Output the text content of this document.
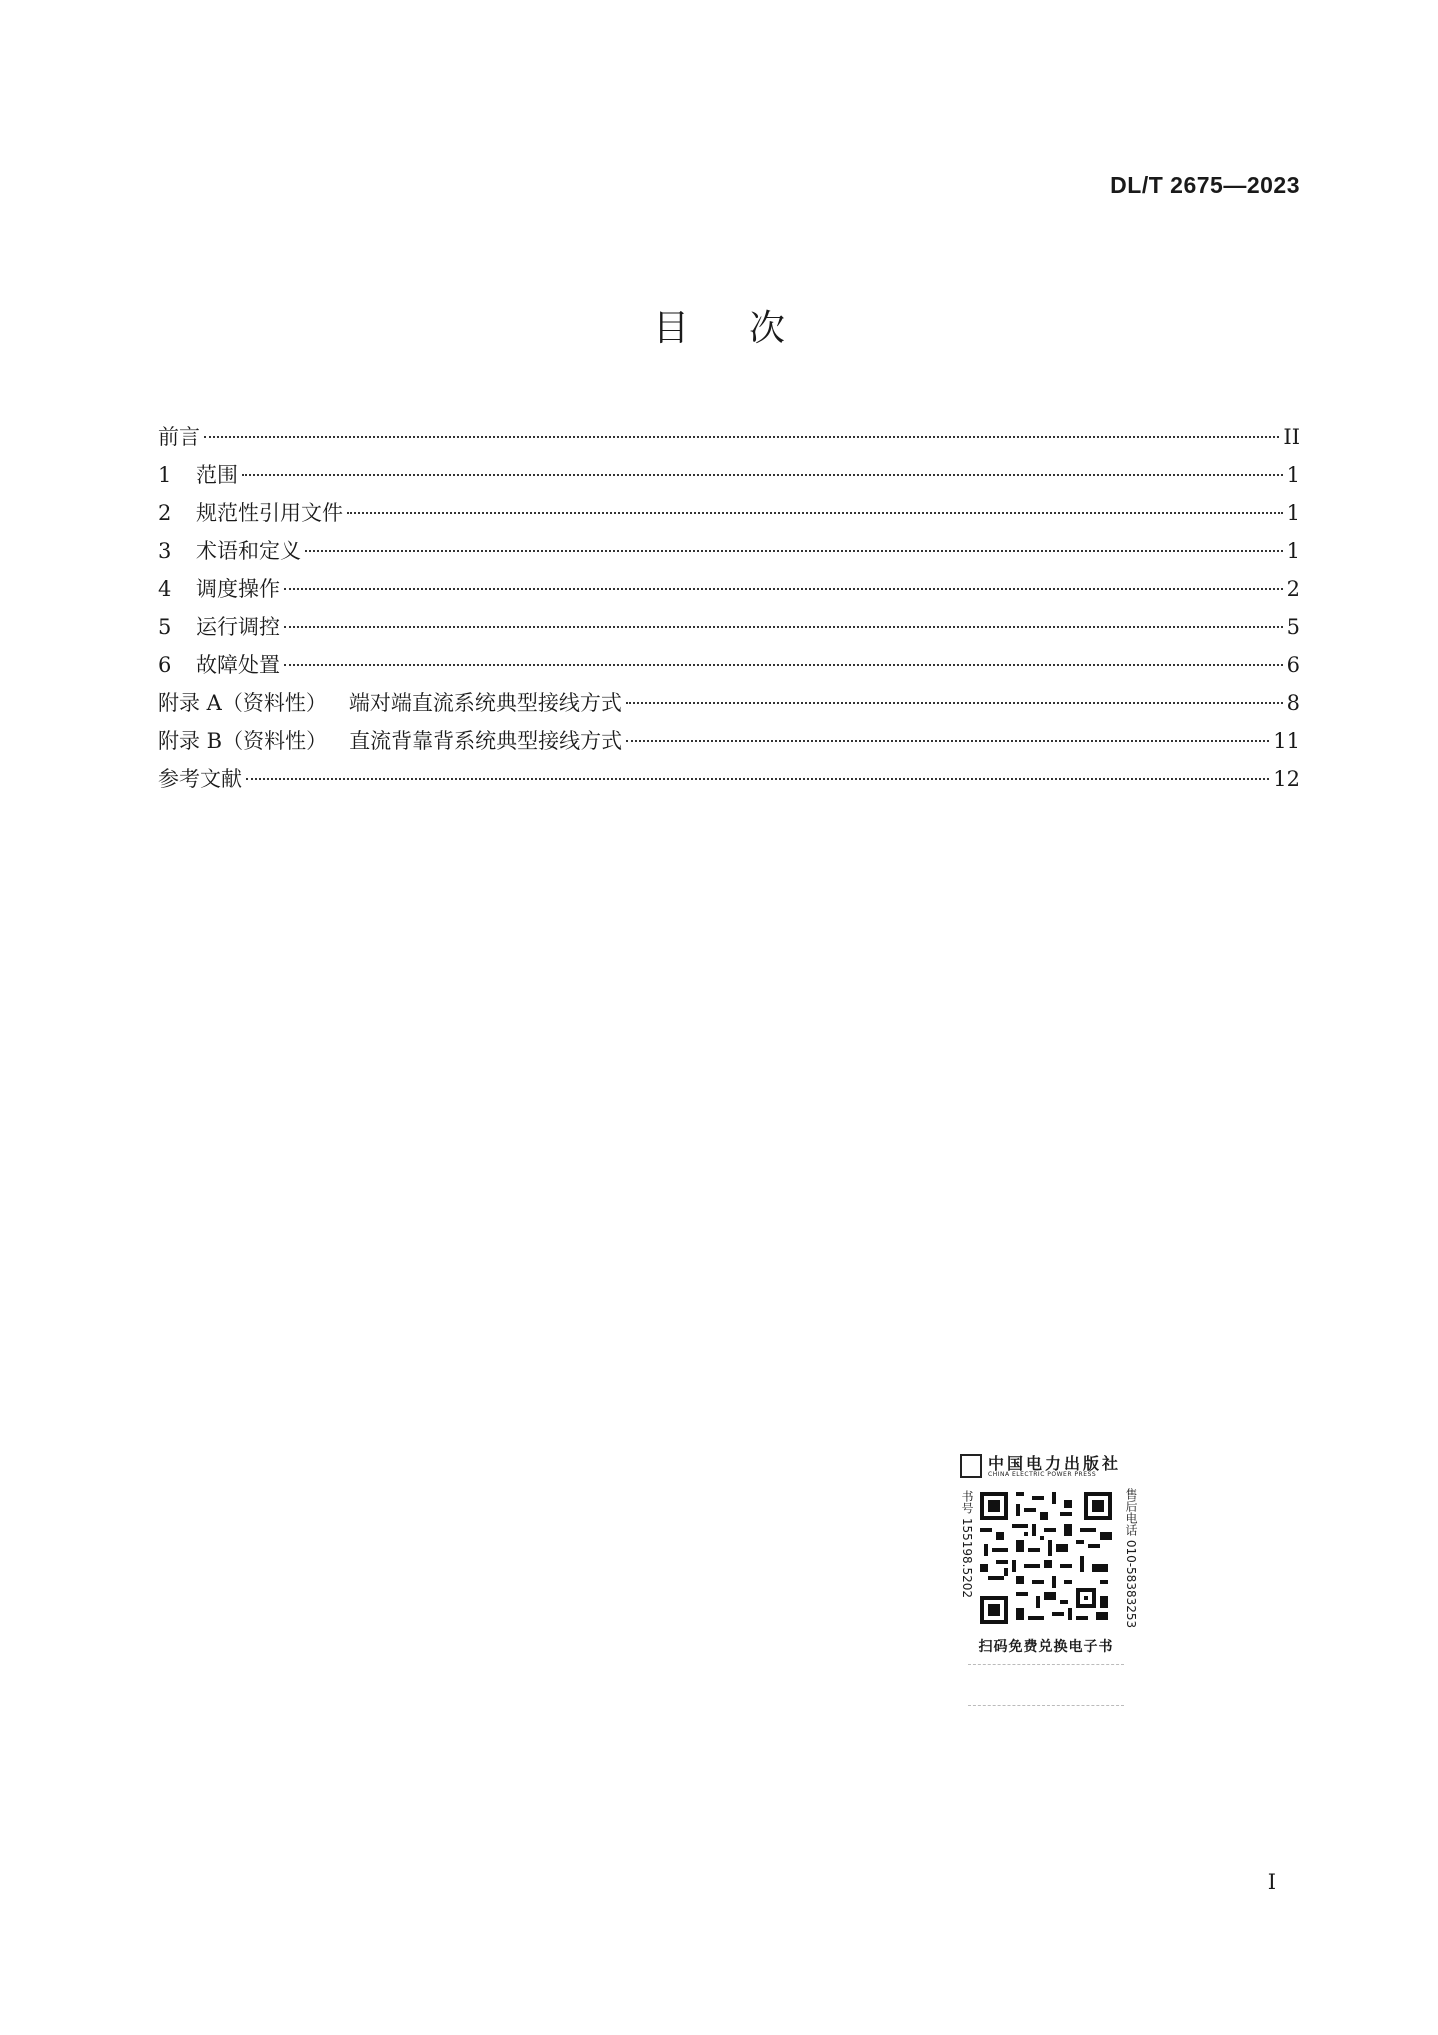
DL/T 2675—2023
目次
前言	II
1	范围	1
2	规范性引用文件	1
3	术语和定义	1
4	调度操作	2
5	运行调控	5
6	故障处置	6
附录 A（资料性） 端对端直流系统典型接线方式	8
附录 B（资料性） 直流背靠背系统典型接线方式	11
参考文献	12
中国电力出版社
CHINA ELECTRIC POWER PRESS
书号 155198.5202	售后电话 010-58383253
扫码免费兑换电子书
I
